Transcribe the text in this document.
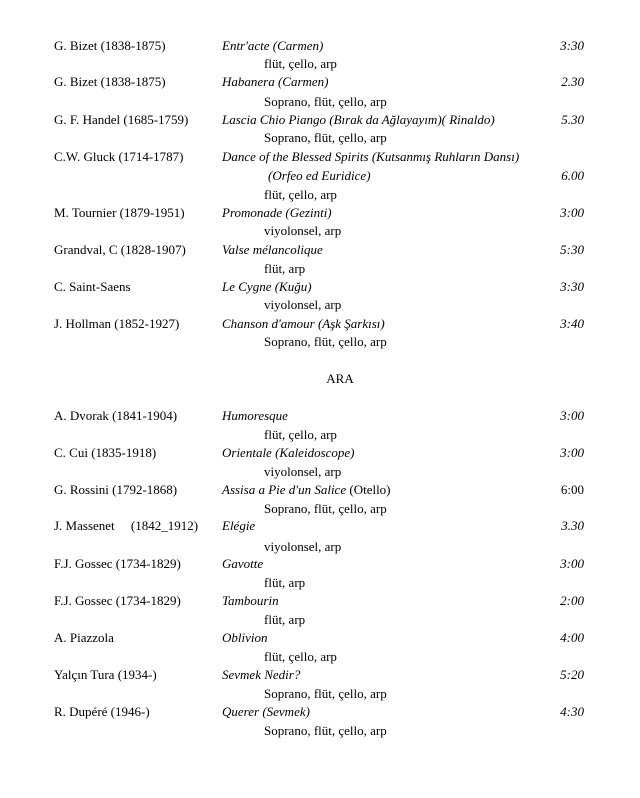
G. Bizet (1838-1875)	Entr'acte (Carmen)	3:30
flüt, çello, arp
G. Bizet (1838-1875)	Habanera (Carmen)	2.30
Soprano, flüt, çello, arp
G. F. Handel (1685-1759)	Lascia Chio Piango (Bırak da Ağlayayım)( Rinaldo)	5.30
Soprano, flüt, çello, arp
C.W. Gluck (1714-1787)	Dance of the Blessed Spirits (Kutsanmış Ruhların Dansı)
(Orfeo ed Euridice)	6.00
flüt, çello, arp
M. Tournier (1879-1951)	Promonade (Gezinti)	3:00
viyolonsel, arp
Grandval, C (1828-1907)	Valse mélancolique	5:30
flüt, arp
C. Saint-Saens	Le Cygne (Kuğu)	3:30
viyolonsel, arp
J. Hollman (1852-1927)	Chanson d'amour (Aşk Şarkısı)	3:40
Soprano, flüt, çello, arp
ARA
A. Dvorak (1841-1904)	Humoresque	3:00
flüt, çello, arp
C. Cui (1835-1918)	Orientale (Kaleidoscope)	3:00
viyolonsel, arp
G. Rossini (1792-1868)	Assisa a Pie d'un Salice (Otello)	6:00
Soprano, flüt, çello, arp
J. Massenet     (1842_1912) Elégie	3.30
viyolonsel, arp
F.J. Gossec (1734-1829)	Gavotte	3:00
flüt, arp
F.J. Gossec (1734-1829)	Tambourin	2:00
flüt, arp
A. Piazzola	Oblivion	4:00
flüt, çello, arp
Yalçın Tura (1934-)	Sevmek Nedir?	5:20
Soprano, flüt, çello, arp
R. Dupéré (1946-)	Querer (Sevmek)	4:30
Soprano, flüt, çello, arp
